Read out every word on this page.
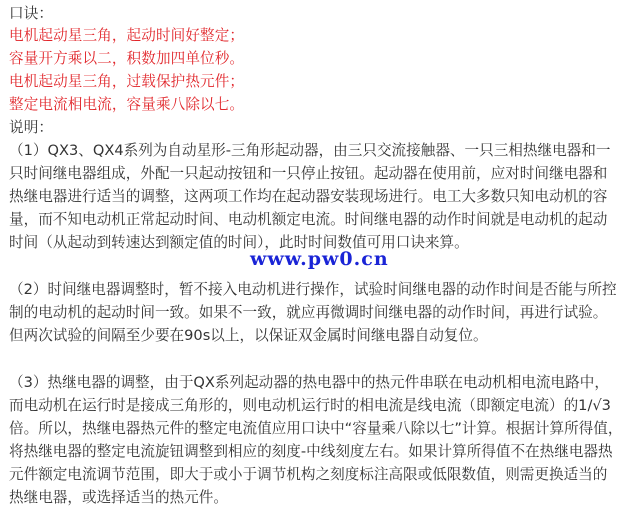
口诀：
电机起动星三角，起动时间好整定；
容量开方乘以二，积数加四单位秒。
电机起动星三角，过载保护热元件；
整定电流相电流，容量乘八除以七。
说明：
（1）QX3、QX4系列为自动星形-三角形起动器，由三只交流接触器、一只三相热继电器和一
只时间继电器组成，外配一只起动按钮和一只停止按钮。起动器在使用前，应对时间继电器和
热继电器进行适当的调整，这两项工作均在起动器安装现场进行。电工大多数只知电动机的容
量，而不知电动机正常起动时间、电动机额定电流。时间继电器的动作时间就是电动机的起动
时间（从起动到转速达到额定值的时间），此时时间数值可用口诀来算。
www.pw0.cn
（2）时间继电器调整时，暂不接入电动机进行操作，试验时间继电器的动作时间是否能与所控
制的电动机的起动时间一致。如果不一致，就应再微调时间继电器的动作时间，再进行试验。
但两次试验的间隔至少要在90s以上，以保证双金属时间继电器自动复位。
（3）热继电器的调整，由于QX系列起动器的热电器中的热元件串联在电动机相电流电路中，
而电动机在运行时是接成三角形的，则电动机运行时的相电流是线电流（即额定电流）的1/√3
倍。所以，热继电器热元件的整定电流值应用口诀中“容量乘八除以七”计算。根据计算所得值，
将热继电器的整定电流旋钮调整到相应的刻度-中线刻度左右。如果计算所得值不在热继电器热
元件额定电流调节范围，即大于或小于调节机构之刻度标注高限或低限数值，则需更换适当的
热继电器，或选择适当的热元件。
